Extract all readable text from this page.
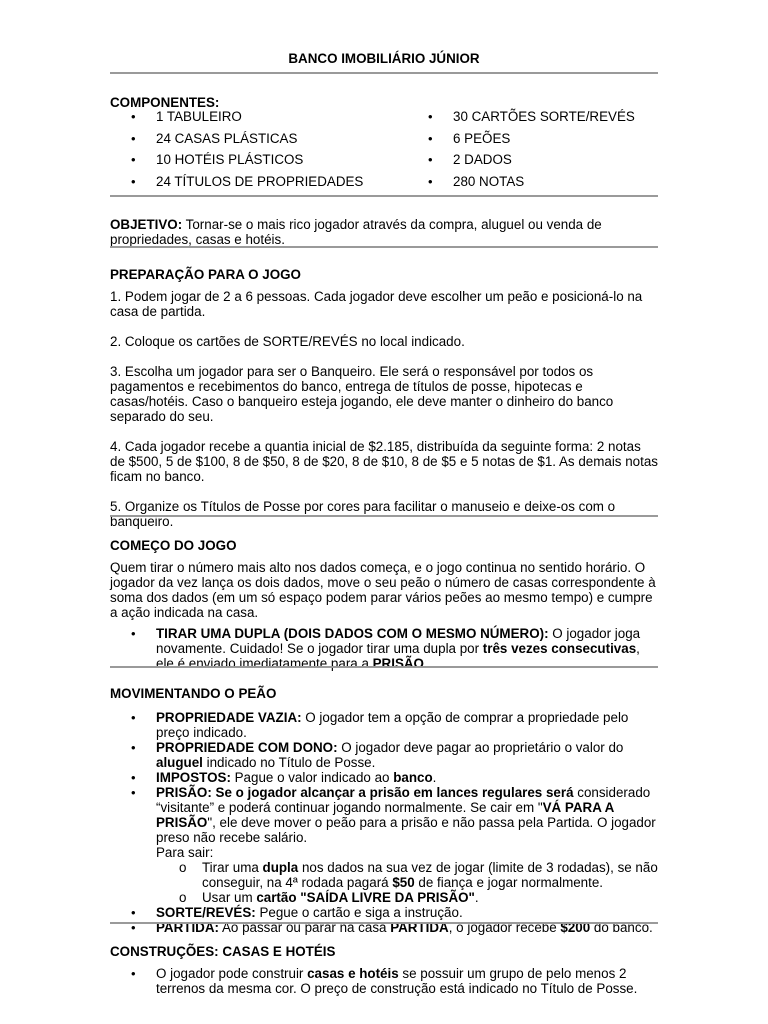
BANCO IMOBILIÁRIO JÚNIOR
COMPONENTES:
• 1 TABULEIRO
• 24 CASAS PLÁSTICAS
• 10 HOTÉIS PLÁSTICOS
• 24 TÍTULOS DE PROPRIEDADES
• 30 CARTÕES SORTE/REVÉS
• 6 PEÕES
• 2 DADOS
• 280 NOTAS

OBJETIVO: Tornar-se o mais rico jogador através da compra, aluguel ou venda de propriedades, casas e hotéis.

PREPARAÇÃO PARA O JOGO

1. Podem jogar de 2 a 6 pessoas. Cada jogador deve escolher um peão e posicioná-lo na casa de partida.

2. Coloque os cartões de SORTE/REVÉS no local indicado.

3. Escolha um jogador para ser o Banqueiro. Ele será o responsável por todos os pagamentos e recebimentos do banco, entrega de títulos de posse, hipotecas e casas/hotéis. Caso o banqueiro esteja jogando, ele deve manter o dinheiro do banco separado do seu.

4. Cada jogador recebe a quantia inicial de $2.185, distribuída da seguinte forma: 2 notas de $500, 5 de $100, 8 de $50, 8 de $20, 8 de $10, 8 de $5 e 5 notas de $1. As demais notas ficam no banco.

5. Organize os Títulos de Posse por cores para facilitar o manuseio e deixe-os com o banqueiro.

COMEÇO DO JOGO

Quem tirar o número mais alto nos dados começa, e o jogo continua no sentido horário. O jogador da vez lança os dois dados, move o seu peão o número de casas correspondente à soma dos dados (em um só espaço podem parar vários peões ao mesmo tempo) e cumpre a ação indicada na casa.

• TIRAR UMA DUPLA (DOIS DADOS COM O MESMO NÚMERO): O jogador joga novamente. Cuidado! Se o jogador tirar uma dupla por três vezes consecutivas, ele é enviado imediatamente para a PRISÃO.

MOVIMENTANDO O PEÃO

• PROPRIEDADE VAZIA: O jogador tem a opção de comprar a propriedade pelo preço indicado.
• PROPRIEDADE COM DONO: O jogador deve pagar ao proprietário o valor do aluguel indicado no Título de Posse.
• IMPOSTOS: Pague o valor indicado ao banco.
• PRISÃO: Se o jogador alcançar a prisão em lances regulares será considerado “visitante” e poderá continuar jogando normalmente. Se cair em "VÁ PARA A PRISÃO", ele deve mover o peão para a prisão e não passa pela Partida. O jogador preso não recebe salário.
Para sair:
o Tirar uma dupla nos dados na sua vez de jogar (limite de 3 rodadas), se não conseguir, na 4ª rodada pagará $50 de fiança e jogar normalmente.
o Usar um cartão "SAÍDA LIVRE DA PRISÃO".
• SORTE/REVÉS: Pegue o cartão e siga a instrução.
• PARTIDA: Ao passar ou parar na casa PARTIDA, o jogador recebe $200 do banco.

CONSTRUÇÕES: CASAS E HOTÉIS

• O jogador pode construir casas e hotéis se possuir um grupo de pelo menos 2 terrenos da mesma cor. O preço de construção está indicado no Título de Posse.
